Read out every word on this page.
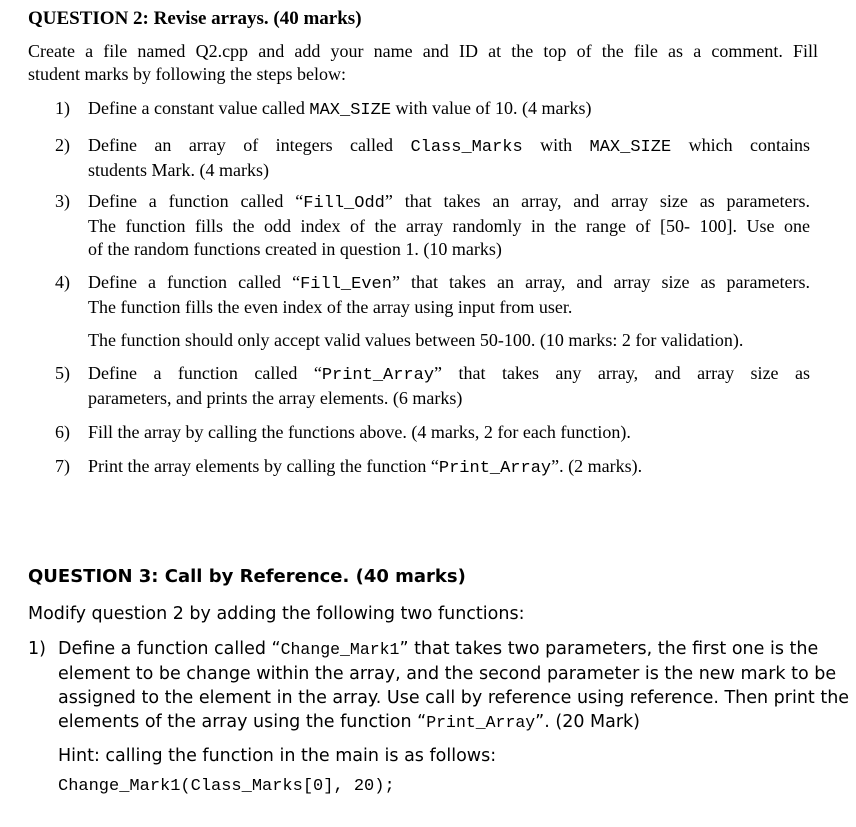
QUESTION 2: Revise arrays. (40 marks)
Create a file named Q2.cpp and add your name and ID at the top of the file as a comment. Fill
student marks by following the steps below:
1) Define a constant value called MAX_SIZE with value of 10. (4 marks)
2) Define an array of integers called Class_Marks with MAX_SIZE which contains
students Mark. (4 marks)
3) Define a function called “Fill_Odd” that takes an array, and array size as parameters.
The function fills the odd index of the array randomly in the range of [50- 100]. Use one
of the random functions created in question 1. (10 marks)
4) Define a function called “Fill_Even” that takes an array, and array size as parameters.
The function fills the even index of the array using input from user.
The function should only accept valid values between 50-100. (10 marks: 2 for validation).
5) Define a function called “Print_Array” that takes any array, and array size as
parameters, and prints the array elements. (6 marks)
6) Fill the array by calling the functions above. (4 marks, 2 for each function).
7) Print the array elements by calling the function “Print_Array”. (2 marks).
QUESTION 3: Call by Reference. (40 marks)
Modify question 2 by adding the following two functions:
1) Define a function called “Change_Mark1” that takes two parameters, the first one is the
element to be change within the array, and the second parameter is the new mark to be
assigned to the element in the array. Use call by reference using reference. Then print the
elements of the array using the function “Print_Array”. (20 Mark)
Hint: calling the function in the main is as follows:
Change_Mark1(Class_Marks[0], 20);
